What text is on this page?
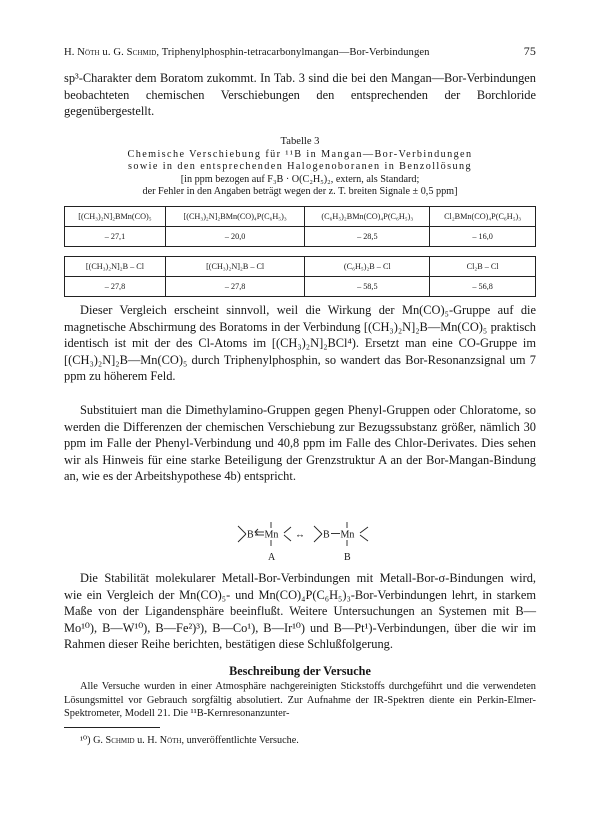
H. Nöth u. G. Schmid, Triphenylphosphin-tetracarbonylmangan—Bor-Verbindungen	75

sp³-Charakter dem Boratom zukommt. In Tab. 3 sind die bei den Mangan—Bor-Verbindungen beobachteten chemischen Verschiebungen den entsprechenden der Borchloride gegenübergestellt.

Tabelle 3
Chemische Verschiebung für ¹¹B in Mangan—Bor-Verbindungen
sowie in den entsprechenden Halogenoboranen in Benzollösung
[in ppm bezogen auf F₃B · O(C₂H₅)₂, extern, als Standard;
der Fehler in den Angaben beträgt wegen der z. T. breiten Signale ± 0,5 ppm]
[(CH₃)₂N]₂BMn(CO)₅	[(CH₃)₂N]₂BMn(CO)₄P(C₆H₅)₃	(C₆H₅)₂BMn(CO)₄P(C₆H₅)₃	Cl₂BMn(CO)₄P(C₆H₅)₃
– 27,1	– 20,0	– 28,5	– 16,0

[(CH₃)₂N]₂B – Cl	[(CH₃)₂N]₂B – Cl	(C₆H₅)₂B – Cl	Cl₂B – Cl
– 27,8	– 27,8	– 58,5	– 56,8

Dieser Vergleich erscheint sinnvoll, weil die Wirkung der Mn(CO)₅-Gruppe auf die magnetische Abschirmung des Boratoms in der Verbindung [(CH₃)₂N]₂B—Mn(CO)₅ praktisch identisch ist mit der des Cl-Atoms im [(CH₃)₂N]₂BCl⁴). Ersetzt man eine CO-Gruppe im [(CH₃)₂N]₂B—Mn(CO)₅ durch Triphenylphosphin, so wandert das Bor-Resonanzsignal um 7 ppm zu höherem Feld.

Substituiert man die Dimethylamino-Gruppen gegen Phenyl-Gruppen oder Chloratome, so werden die Differenzen der chemischen Verschiebung zur Bezugssubstanz größer, nämlich 30 ppm im Falle der Phenyl-Verbindung und 40,8 ppm im Falle des Chlor-Derivates. Dies sehen wir als Hinweis für eine starke Beteiligung der Grenzstruktur A an der Bor-Mangan-Bindung an, wie es der Arbeitshypothese 4b) entspricht.

B Mn ↔ B Mn
A	B

Die Stabilität molekularer Metall-Bor-Verbindungen mit Metall-Bor-σ-Bindungen wird, wie ein Vergleich der Mn(CO)₅- und Mn(CO)₄P(C₆H₅)₃-Bor-Verbindungen lehrt, in starkem Maße von der Ligandensphäre beeinflußt. Weitere Untersuchungen an Systemen mit B—Mo¹⁰), B—W¹⁰), B—Fe²)³), B—Co¹), B—Ir¹⁰) und B—Pt¹)-Verbindungen, über die wir im Rahmen dieser Reihe berichten, bestätigen diese Schlußfolgerung.

Beschreibung der Versuche

Alle Versuche wurden in einer Atmosphäre nachgereinigten Stickstoffs durchgeführt und die verwendeten Lösungsmittel vor Gebrauch sorgfältig absolutiert. Zur Aufnahme der IR-Spektren diente ein Perkin-Elmer-Spektrometer, Modell 21. Die ¹¹B-Kernresonanzunter-

¹⁰) G. Schmid u. H. Nöth, unveröffentlichte Versuche.
